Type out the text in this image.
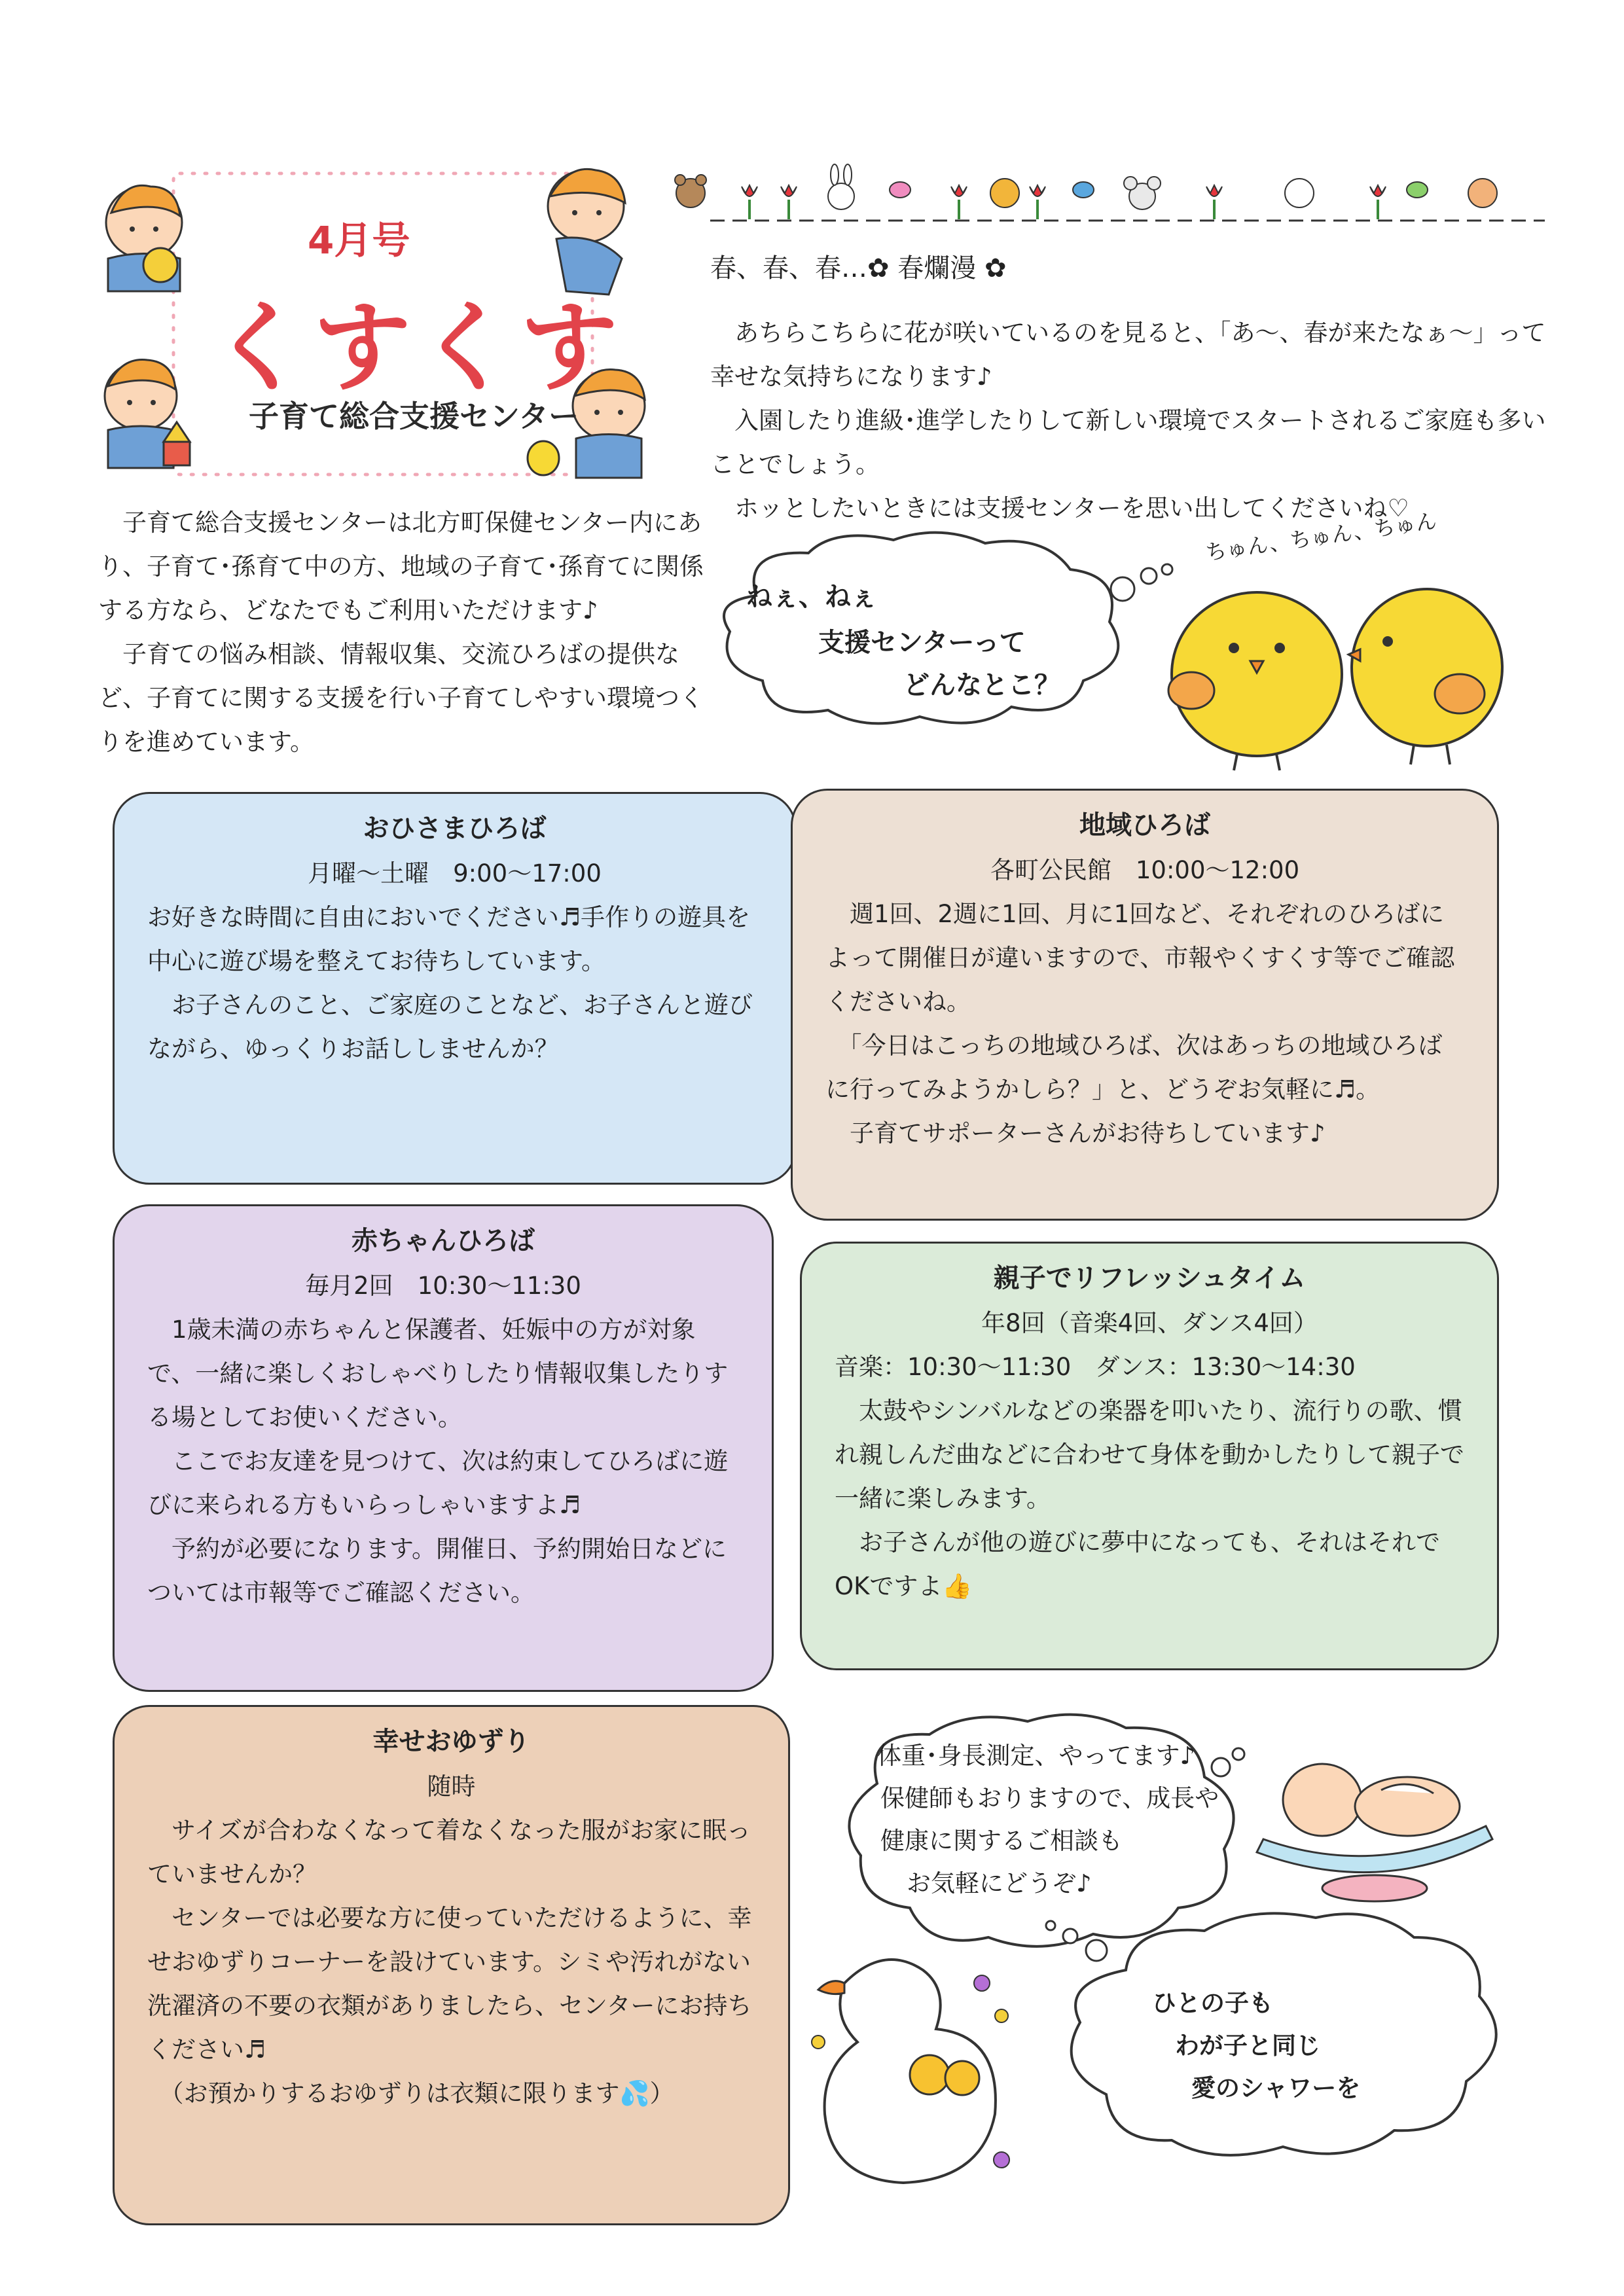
4月号
くすくす
子育て総合支援センター

　子育て総合支援センターは北方町保健センター内にあり、子育て･孫育て中の方、地域の子育て･孫育てに関係する方なら、どなたでもご利用いただけます♪

　子育ての悩み相談、情報収集、交流ひろばの提供など、子育てに関する支援を行い子育てしやすい環境つくりを進めています。

春、春、春…✿ 春爛漫 ✿

　あちらこちらに花が咲いているのを見ると、「あ～、春が来たなぁ～」って幸せな気持ちになります♪

　入園したり進級･進学したりして新しい環境でスタートされるご家庭も多いことでしょう。

　ホッとしたいときには支援センターを思い出してくださいね♡

ねぇ、ねぇ
支援センターって
どんなとこ？
ちゅん、ちゅん、ちゅん
おひさまひろば

月曜～土曜　9:00～17:00

お好きな時間に自由においでください♬手作りの遊具を中心に遊び場を整えてお待ちしています。

　お子さんのこと、ご家庭のことなど、お子さんと遊びながら、ゆっくりお話ししませんか？

地域ひろば

各町公民館　10:00～12:00

　週1回、2週に1回、月に1回など、それぞれのひろばによって開催日が違いますので、市報やくすくす等でご確認くださいね。

　「今日はこっちの地域ひろば、次はあっちの地域ひろばに行ってみようかしら？」と、どうぞお気軽に♬。

　子育てサポーターさんがお待ちしています♪

赤ちゃんひろば

毎月2回　10:30～11:30

　1歳未満の赤ちゃんと保護者、妊娠中の方が対象で、一緒に楽しくおしゃべりしたり情報収集したりする場としてお使いください。

　ここでお友達を見つけて、次は約束してひろばに遊びに来られる方もいらっしゃいますよ♬

　予約が必要になります。開催日、予約開始日などについては市報等でご確認ください。

親子でリフレッシュタイム

年8回（音楽4回、ダンス4回）

音楽：10:30～11:30　ダンス：13:30～14:30

　太鼓やシンバルなどの楽器を叩いたり、流行りの歌、慣れ親しんだ曲などに合わせて身体を動かしたりして親子で一緒に楽しみます。

　お子さんが他の遊びに夢中になっても、それはそれでOKですよ👍

幸せおゆずり

随時

　サイズが合わなくなって着なくなった服がお家に眠っていませんか？

　センターでは必要な方に使っていただけるように、幸せおゆずりコーナーを設けています。シミや汚れがない洗濯済の不要の衣類がありましたら、センターにお持ちください♬

　（お預かりするおゆずりは衣類に限ります💦）

体重･身長測定、やってます♪
保健師もおりますので、成長や
健康に関するご相談も
お気軽にどうぞ♪
ひとの子も
わが子と同じ
愛のシャワーを
